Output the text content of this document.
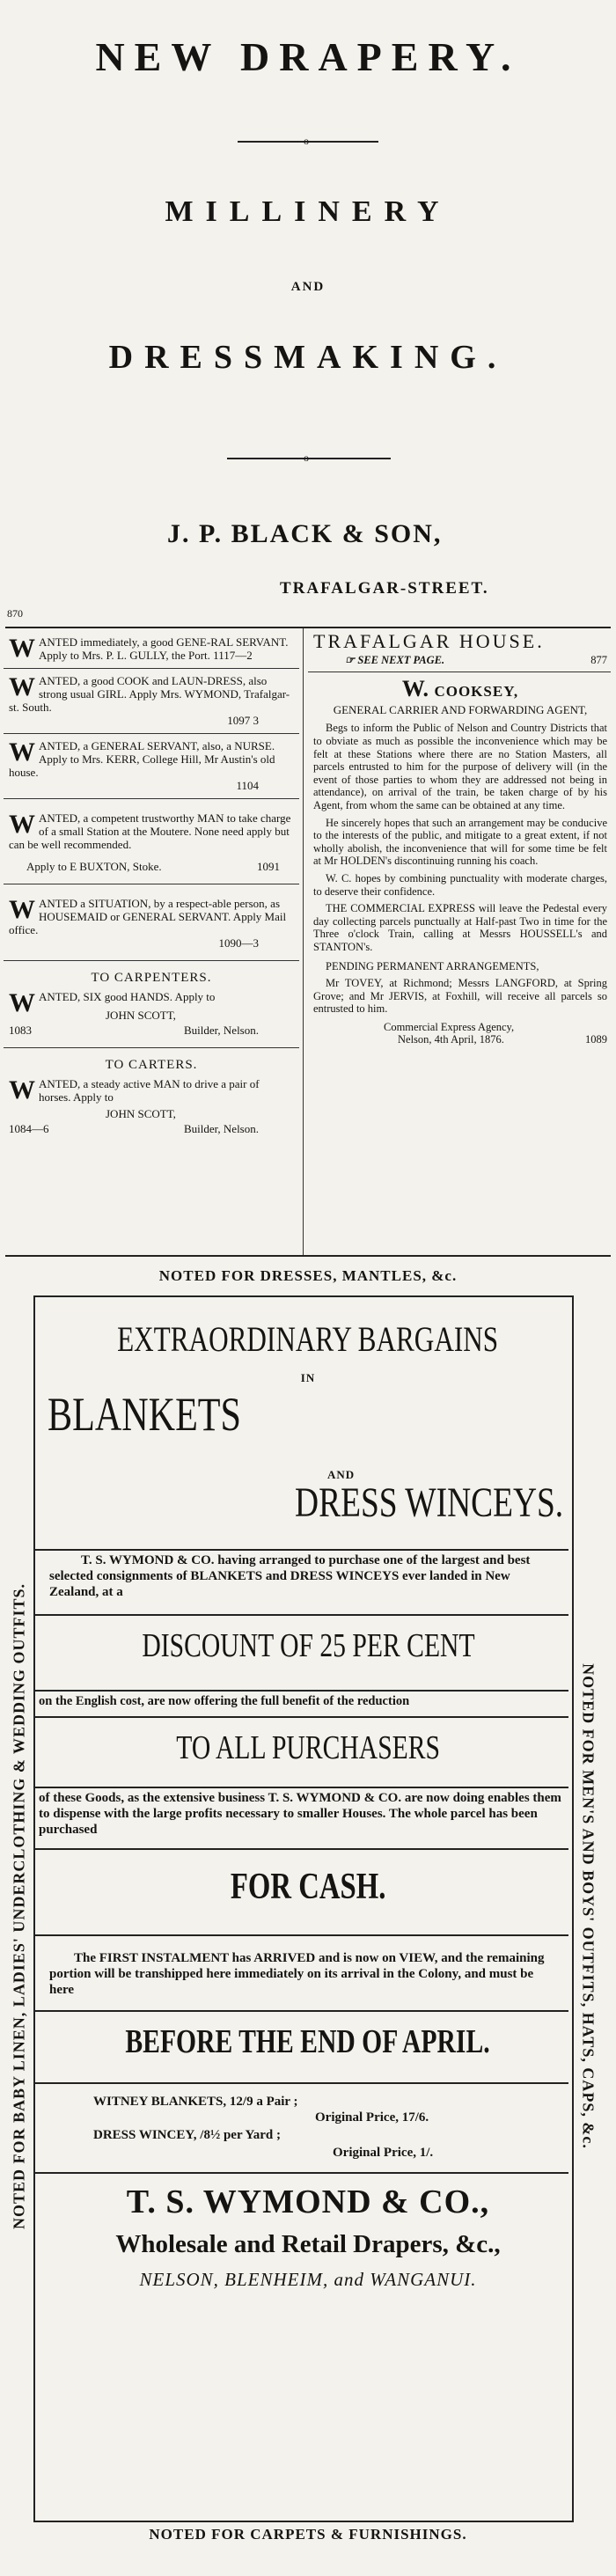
NEW DRAPERY.
o
MILLINERY
AND
DRESSMAKING.
o
J. P. BLACK & SON,
TRAFALGAR-STREET.
870

WANTED immediately, a good GENE-RAL SERVANT. Apply to Mrs. P. L. GULLY, the Port. 1117—2

WANTED, a good COOK and LAUN-DRESS, also strong usual GIRL. Apply Mrs. WYMOND, Trafalgar-st. South.

1097 3

WANTED, a GENERAL SERVANT, also, a NURSE. Apply to Mrs. KERR, College Hill, Mr Austin's old house.

1104

WANTED, a competent trustworthy MAN to take charge of a small Station at the Moutere. None need apply but can be well recommended.

Apply to E BUXTON, Stoke.	1091

WANTED a SITUATION, by a respect-able person, as HOUSEMAID or GENERAL SERVANT. Apply Mail office.

1090—3
TO CARPENTERS.

WANTED, SIX good HANDS. Apply to

JOHN SCOTT,
1083	Builder, Nelson.
TO CARTERS.

WANTED, a steady active MAN to drive a pair of horses. Apply to

JOHN SCOTT,
1084—6	Builder, Nelson.
TRAFALGAR HOUSE.
☞ SEE NEXT PAGE.	877
W. COOKSEY,
GENERAL CARRIER AND FORWARDING AGENT,

Begs to inform the Public of Nelson and Country Districts that to obviate as much as possible the inconvenience which may be felt at these Stations where there are no Station Masters, all parcels entrusted to him for the purpose of delivery will (in the event of those parties to whom they are addressed not being in attendance), on arrival of the train, be taken charge of by his Agent, from whom the same can be obtained at any time.

He sincerely hopes that such an arrangement may be conducive to the interests of the public, and mitigate to a great extent, if not wholly abolish, the inconvenience that will for some time be felt at Mr HOLDEN's discontinuing running his coach.

W. C. hopes by combining punctuality with moderate charges, to deserve their confidence.

THE COMMERCIAL EXPRESS will leave the Pedestal every day collecting parcels punctually at Half-past Two in time for the Three o'clock Train, calling at Messrs HOUSSELL's and STANTON's.

PENDING PERMANENT ARRANGEMENTS,

Mr TOVEY, at Richmond; Messrs LANGFORD, at Spring Grove; and Mr JERVIS, at Foxhill, will receive all parcels so entrusted to him.

Commercial Express Agency,
Nelson, 4th April, 1876.	1089
NOTED FOR DRESSES, MANTLES, &c.
NOTED FOR BABY LINEN, LADIES' UNDERCLOTHING & WEDDING OUTFITS.	NOTED FOR MEN'S AND BOYS' OUTFITS, HATS, CAPS, &c.
EXTRAORDINARY BARGAINS
IN
BLANKETS
AND
DRESS WINCEYS.

T. S. WYMOND & CO. having arranged to purchase one of the largest and best selected consignments of BLANKETS and DRESS WINCEYS ever landed in New Zealand, at a

DISCOUNT OF 25 PER CENT

on the English cost, are now offering the full benefit of the reduction

TO ALL PURCHASERS

of these Goods, as the extensive business T. S. WYMOND & CO. are now doing enables them to dispense with the large profits necessary to smaller Houses. The whole parcel has been purchased

FOR CASH.

The FIRST INSTALMENT has ARRIVED and is now on VIEW, and the remaining portion will be transhipped here immediately on its arrival in the Colony, and must be here

BEFORE THE END OF APRIL.
WITNEY BLANKETS, 12/9 a Pair ;
Original Price, 17/6.
DRESS WINCEY, /8½ per Yard ;
Original Price, 1/.
T. S. WYMOND & CO.,
Wholesale and Retail Drapers, &c.,
NELSON, BLENHEIM, and WANGANUI.
NOTED FOR CARPETS & FURNISHINGS.
